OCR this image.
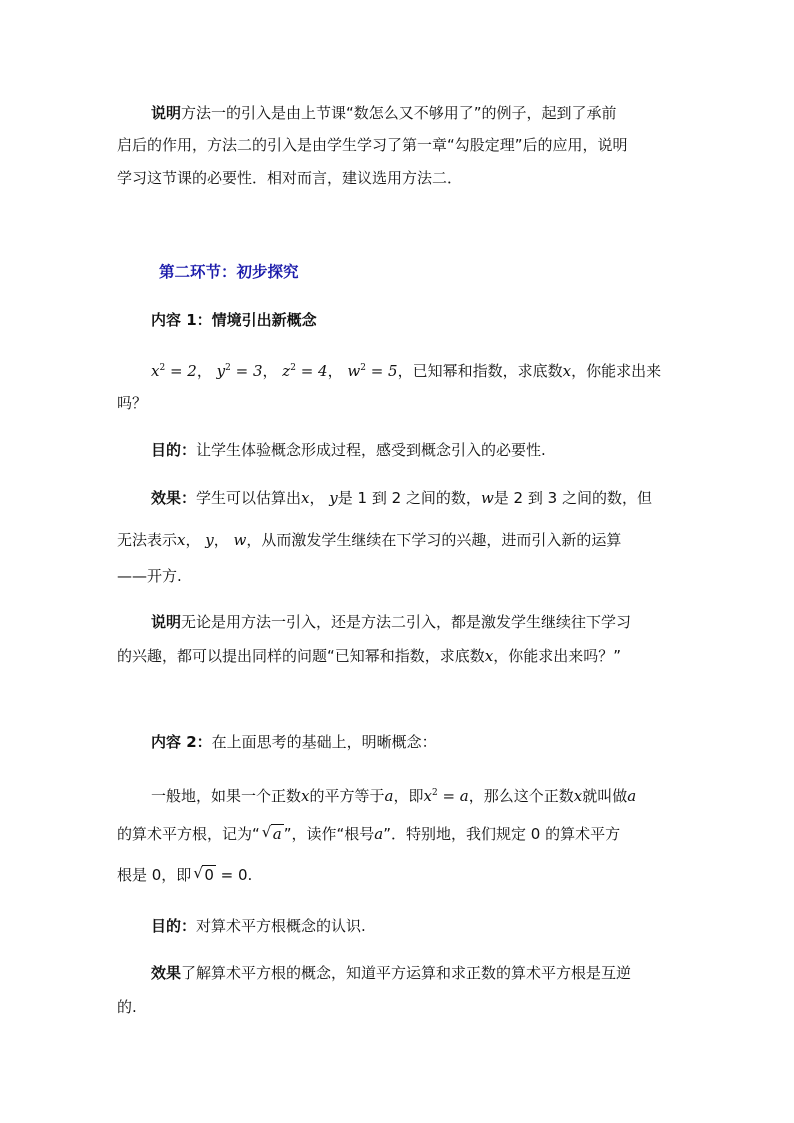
说明方法一的引入是由上节课“数怎么又不够用了”的例子，起到了承前
启后的作用，方法二的引入是由学生学习了第一章“勾股定理”后的应用，说明
学习这节课的必要性．相对而言，建议选用方法二．
第二环节：初步探究
内容 1：情境引出新概念
$x^2 = 2$， $y^2 = 3$， $z^2 = 4$， $w^2 = 5$，已知幂和指数，求底数x，你能求出来
吗？
目的：让学生体验概念形成过程，感受到概念引入的必要性.
效果：学生可以估算出x， y是 1 到 2 之间的数，w是 2 到 3 之间的数，但
无法表示x， y， w，从而激发学生继续在下学习的兴趣，进而引入新的运算
——开方.
说明无论是用方法一引入，还是方法二引入，都是激发学生继续往下学习
的兴趣，都可以提出同样的问题“已知幂和指数，求底数x，你能求出来吗？”
内容 2：在上面思考的基础上，明晰概念：
一般地，如果一个正数x的平方等于a，即$x^2 = a$，那么这个正数x就叫做a
的算术平方根，记为“ √ a ”，读作“根号a”．特别地，我们规定 0 的算术平方
根是 0，即 √ 0 = 0.
目的：对算术平方根概念的认识.
效果了解算术平方根的概念，知道平方运算和求正数的算术平方根是互逆
的.
